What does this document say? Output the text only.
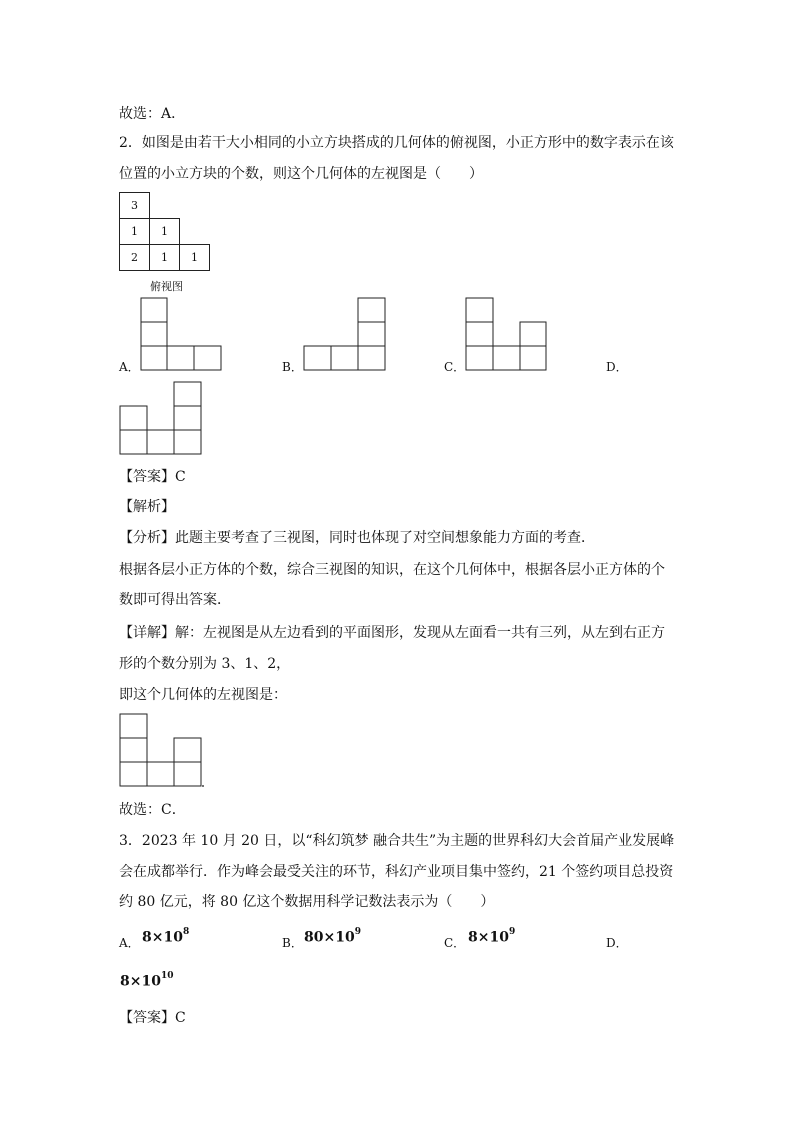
故选：A．
2．如图是由若干大小相同的小立方块搭成的几何体的俯视图，小正方形中的数字表示在该
位置的小立方块的个数，则这个几何体的左视图是（　　）
3		
1	1	
2	1	1
俯视图
A．	B．	C．	D．
【答案】C
【解析】
【分析】此题主要考查了三视图，同时也体现了对空间想象能力方面的考查．
根据各层小正方体的个数，综合三视图的知识，在这个几何体中，根据各层小正方体的个
数即可得出答案．
【详解】解：左视图是从左边看到的平面图形，发现从左面看一共有三列，从左到右正方
形的个数分别为 3、1、2，
即这个几何体的左视图是：
故选：C．
3．2023 年 10 月 20 日，以“科幻筑梦 融合共生”为主题的世界科幻大会首届产业发展峰
会在成都举行．作为峰会最受关注的环节，科幻产业项目集中签约，21 个签约项目总投资
约 80 亿元，将 80 亿这个数据用科学记数法表示为（　　）
A． $8\times 10^8$
B． $80\times 10^9$
C． $8\times 10^9$
D．
$8\times 10^{10}$
【答案】C
